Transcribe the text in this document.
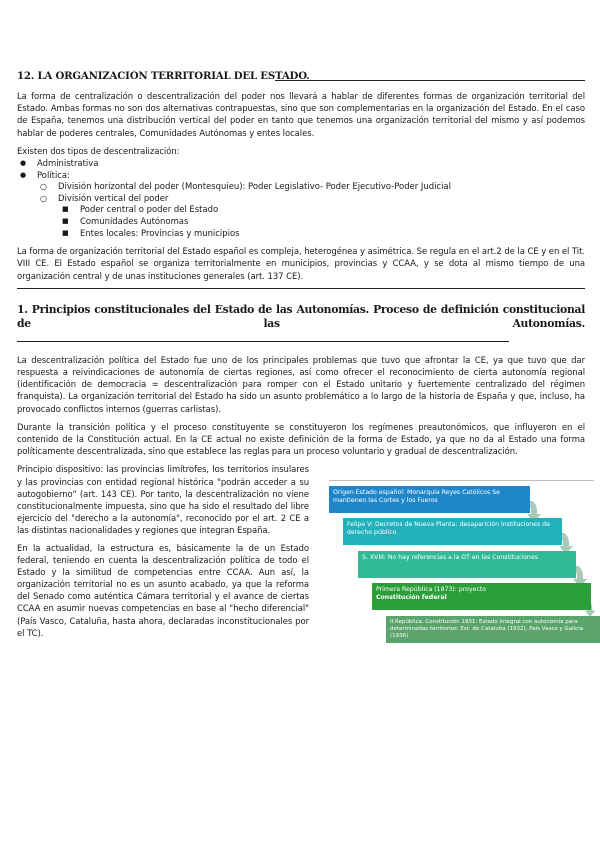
12. LA ORGANIZACIÓN TERRITORIAL DEL ESTADO.

La forma de centralización o descentralización del poder nos llevará a hablar de diferentes formas de organización territorial del Estado. Ambas formas no son dos alternativas contrapuestas, sino que son complementarias en la organización del Estado. En el caso de España, tenemos una distribución vertical del poder en tanto que tenemos una organización territorial del mismo y así podemos hablar de poderes centrales, Comunidades Autónomas y entes locales.

Existen dos tipos de descentralización:

● Administrativa
● Política:
○ División horizontal del poder (Montesquieu): Poder Legislativo- Poder Ejecutivo-Poder Judicial
○ División vertical del poder
■ Poder central o poder del Estado
■ Comunidades Autónomas
■ Entes locales: Provincias y municipios

La forma de organización territorial del Estado español es compleja, heterogénea y asimétrica. Se regula en el art.2 de la CE y en el Tit. VIII CE. El Estado español se organiza territorialmente en municipios, provincias y CCAA, y se dota al mismo tiempo de una organización central y de unas instituciones generales (art. 137 CE).

1. Principios constitucionales del Estado de las Autonomías. Proceso de definición constitucional de las Autonomías.

La descentralización política del Estado fue uno de los principales problemas que tuvo que afrontar la CE, ya que tuvo que dar respuesta a reivindicaciones de autonomía de ciertas regiones, así como ofrecer el reconocimiento de cierta autonomía regional (identificación de democracia = descentralización para romper con el Estado unitario y fuertemente centralizado del régimen franquista). La organización territorial del Estado ha sido un asunto problemático a lo largo de la historia de España y que, incluso, ha provocado conflictos internos (guerras carlistas).

Durante la transición política y el proceso constituyente se constituyeron los regímenes preautonómicos, que influyeron en el contenido de la Constitución actual. En la CE actual no existe definición de la forma de Estado, ya que no da al Estado una forma políticamente descentralizada, sino que establece las reglas para un proceso voluntario y gradual de descentralización.

Principio dispositivo: las provincias limítrofes, los territorios insulares y las provincias con entidad regional histórica "podrán acceder a su autogobierno" (art. 143 CE). Por tanto, la descentralización no viene constitucionalmente impuesta, sino que ha sido el resultado del libre ejercicio del "derecho a la autonomía", reconocido por el art. 2 CE a las distintas nacionalidades y regiones que integran España.

En la actualidad, la estructura es, básicamente la de un Estado federal, teniendo en cuenta la descentralización política de todo el Estado y la similitud de competencias entre CCAA. Aun así, la organización territorial no es un asunto acabado, ya que la reforma del Senado como auténtica Cámara territorial y el avance de ciertas CCAA en asumir nuevas competencias en base al "hecho diferencial" (País Vasco, Cataluña, hasta ahora, declaradas inconstitucionales por el TC).

Origen Estado español: Monarquía Reyes Católicos Se mantienen las Cortes y los Fueros
Felipe V: Decretos de Nueva Planta: desaparición instituciones de derecho público
S. XVIII: No hay referencias a la OT en las Constituciones
Primera República (1873): proyecto
Constitución federal
II República. Constitución 1931: Estado integral con autonomía para determinadas territorios: Est. de Cataluña (1932), País Vasco y Galicia (1936)
